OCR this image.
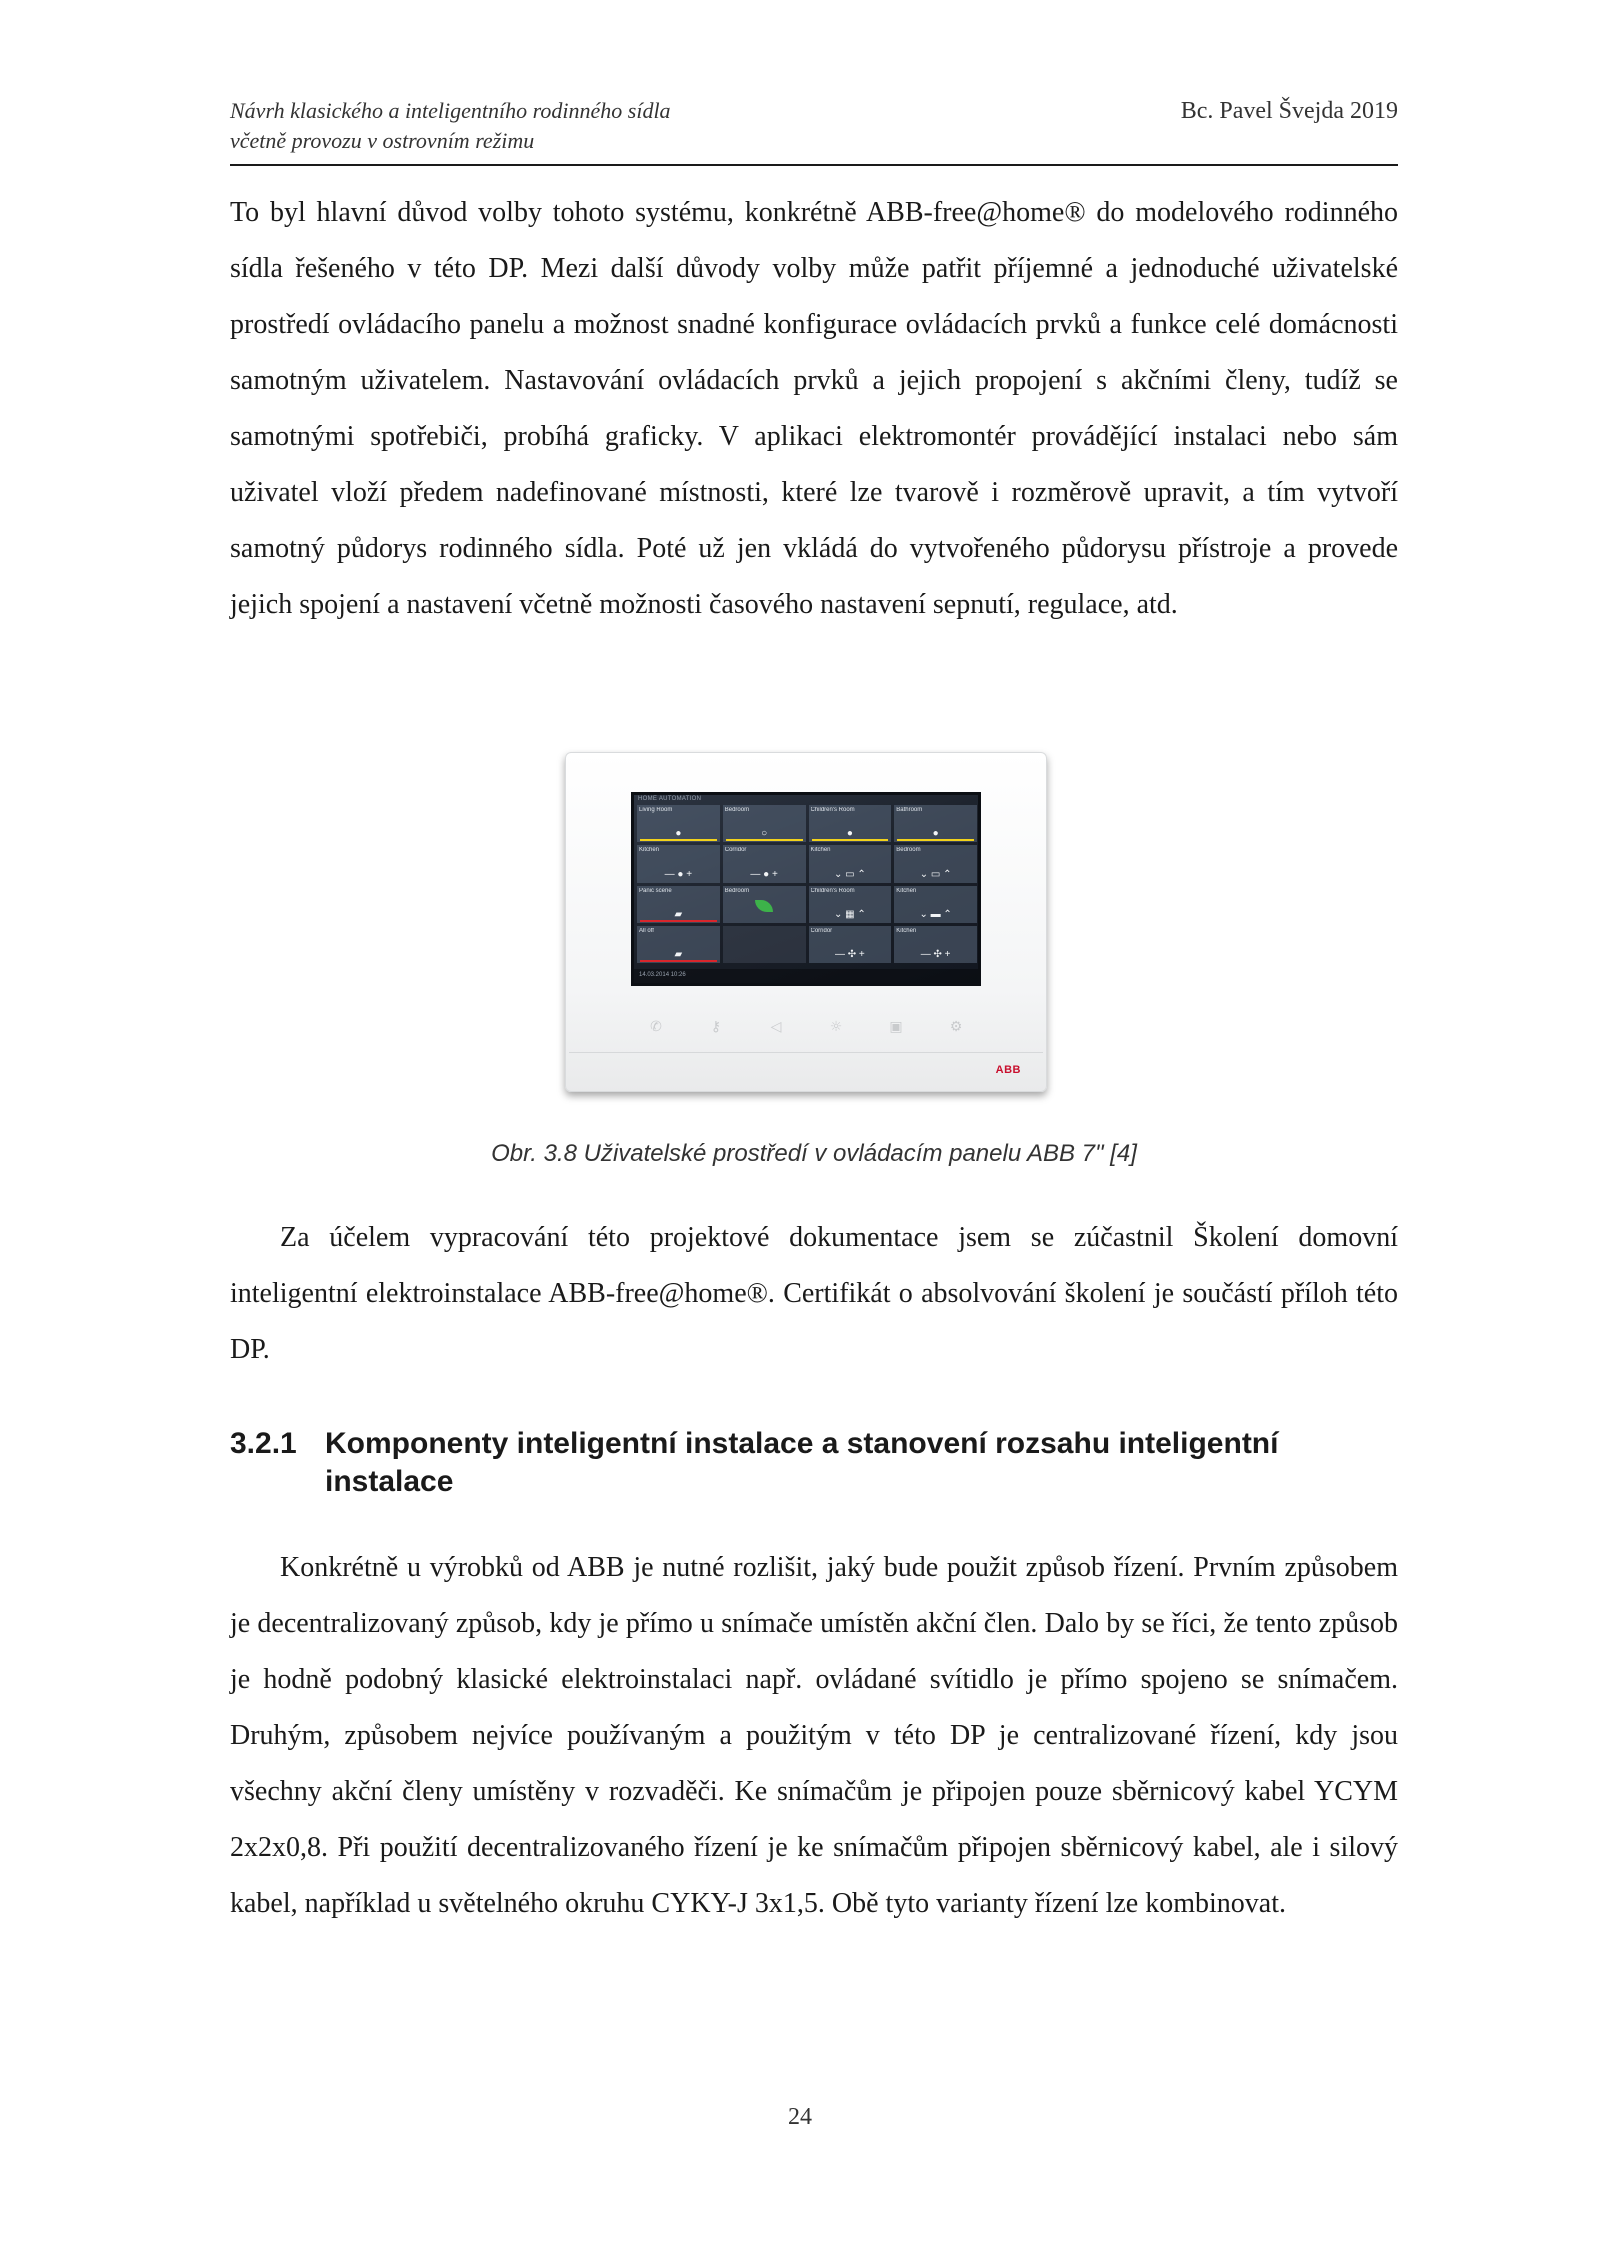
Návrh klasického a inteligentního rodinného sídla
včetně provozu v ostrovním režimu
Bc. Pavel Švejda 2019

To byl hlavní důvod volby tohoto systému, konkrétně ABB-free@home® do modelového rodinného sídla řešeného v této DP. Mezi další důvody volby může patřit příjemné a jednoduché uživatelské prostředí ovládacího panelu a možnost snadné konfigurace ovládacích prvků a funkce celé domácnosti samotným uživatelem. Nastavování ovládacích prvků a jejich propojení s akčními členy, tudíž se samotnými spotřebiči, probíhá graficky. V aplikaci elektromontér provádějící instalaci nebo sám uživatel vloží předem nadefinované místnosti, které lze tvarově i rozměrově upravit, a tím vytvoří samotný půdorys rodinného sídla. Poté už jen vkládá do vytvořeného půdorysu přístroje a provede jejich spojení a nastavení včetně možnosti časového nastavení sepnutí, regulace, atd.

HOME AUTOMATION
Living Room
●
Bedroom
○
Children's Room
●
Bathroom
●
Kitchen
— ● +
Corridor
— ● +
Kitchen
⌄ ▭ ⌃
Bedroom
⌄ ▭ ⌃
Panic scene
▰
Bedroom	Children's Room
⌄ ▦ ⌃
Kitchen
⌄ ▬ ⌃
All off
▰
Corridor
— ✣ +
Kitchen
— ✣ +
14.03.2014 10:26
✆	⚷	◁	☼	▣	⚙
ABB
Obr. 3.8 Uživatelské prostředí v ovládacím panelu ABB 7" [4]

Za účelem vypracování této projektové dokumentace jsem se zúčastnil Školení domovní inteligentní elektroinstalace ABB-free@home®. Certifikát o absolvování školení je součástí příloh této DP.

3.2.1 Komponenty inteligentní instalace a stanovení rozsahu inteligentní instalace

Konkrétně u výrobků od ABB je nutné rozlišit, jaký bude použit způsob řízení. Prvním způsobem je decentralizovaný způsob, kdy je přímo u snímače umístěn akční člen. Dalo by se říci, že tento způsob je hodně podobný klasické elektroinstalaci např. ovládané svítidlo je přímo spojeno se snímačem. Druhým, způsobem nejvíce používaným a použitým v této DP je centralizované řízení, kdy jsou všechny akční členy umístěny v rozvaděči. Ke snímačům je připojen pouze sběrnicový kabel YCYM 2x2x0,8. Při použití decentralizovaného řízení je ke snímačům připojen sběrnicový kabel, ale i silový kabel, například u světelného okruhu CYKY-J 3x1,5. Obě tyto varianty řízení lze kombinovat.

24
